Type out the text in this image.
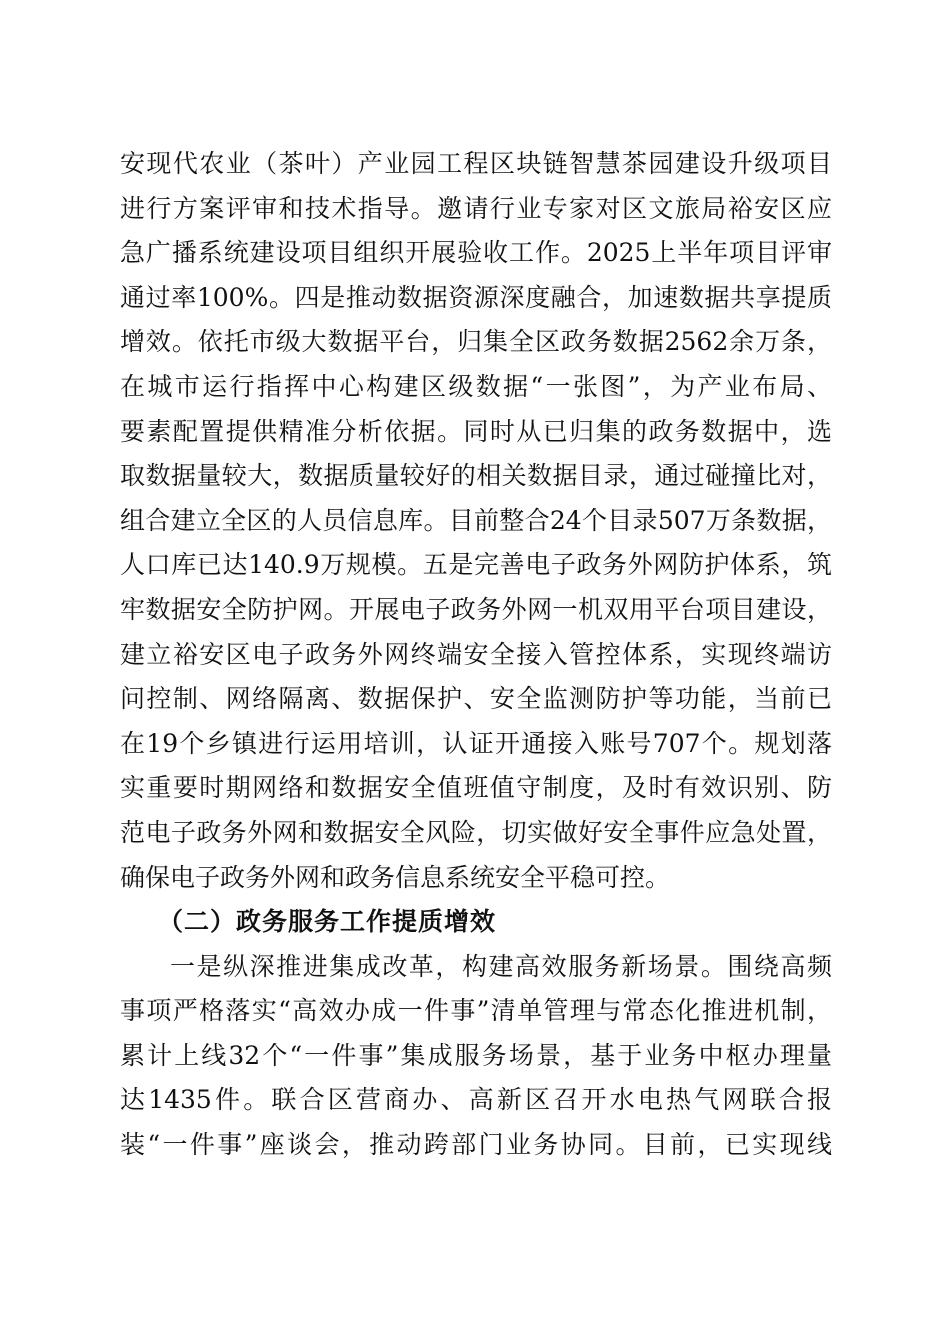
安现代农业（茶叶）产业园工程区块链智慧茶园建设升级项目
进行方案评审和技术指导。邀请行业专家对区文旅局裕安区应
急广播系统建设项目组织开展验收工作。2025上半年项目评审
通过率100%。四是推动数据资源深度融合，加速数据共享提质
增效。依托市级大数据平台，归集全区政务数据2562余万条，
在城市运行指挥中心构建区级数据“一张图”，为产业布局、
要素配置提供精准分析依据。同时从已归集的政务数据中，选
取数据量较大，数据质量较好的相关数据目录，通过碰撞比对，
组合建立全区的人员信息库。目前整合24个目录507万条数据，
人口库已达140.9万规模。五是完善电子政务外网防护体系，筑
牢数据安全防护网。开展电子政务外网一机双用平台项目建设，
建立裕安区电子政务外网终端安全接入管控体系，实现终端访
问控制、网络隔离、数据保护、安全监测防护等功能，当前已
在19个乡镇进行运用培训，认证开通接入账号707个。规划落
实重要时期网络和数据安全值班值守制度，及时有效识别、防
范电子政务外网和数据安全风险，切实做好安全事件应急处置，
确保电子政务外网和政务信息系统安全平稳可控。
（二）政务服务工作提质增效
一是纵深推进集成改革，构建高效服务新场景。围绕高频
事项严格落实“高效办成一件事”清单管理与常态化推进机制，
累计上线32个“一件事”集成服务场景，基于业务中枢办理量
达1435件。联合区营商办、高新区召开水电热气网联合报
装“一件事”座谈会，推动跨部门业务协同。目前，已实现线
